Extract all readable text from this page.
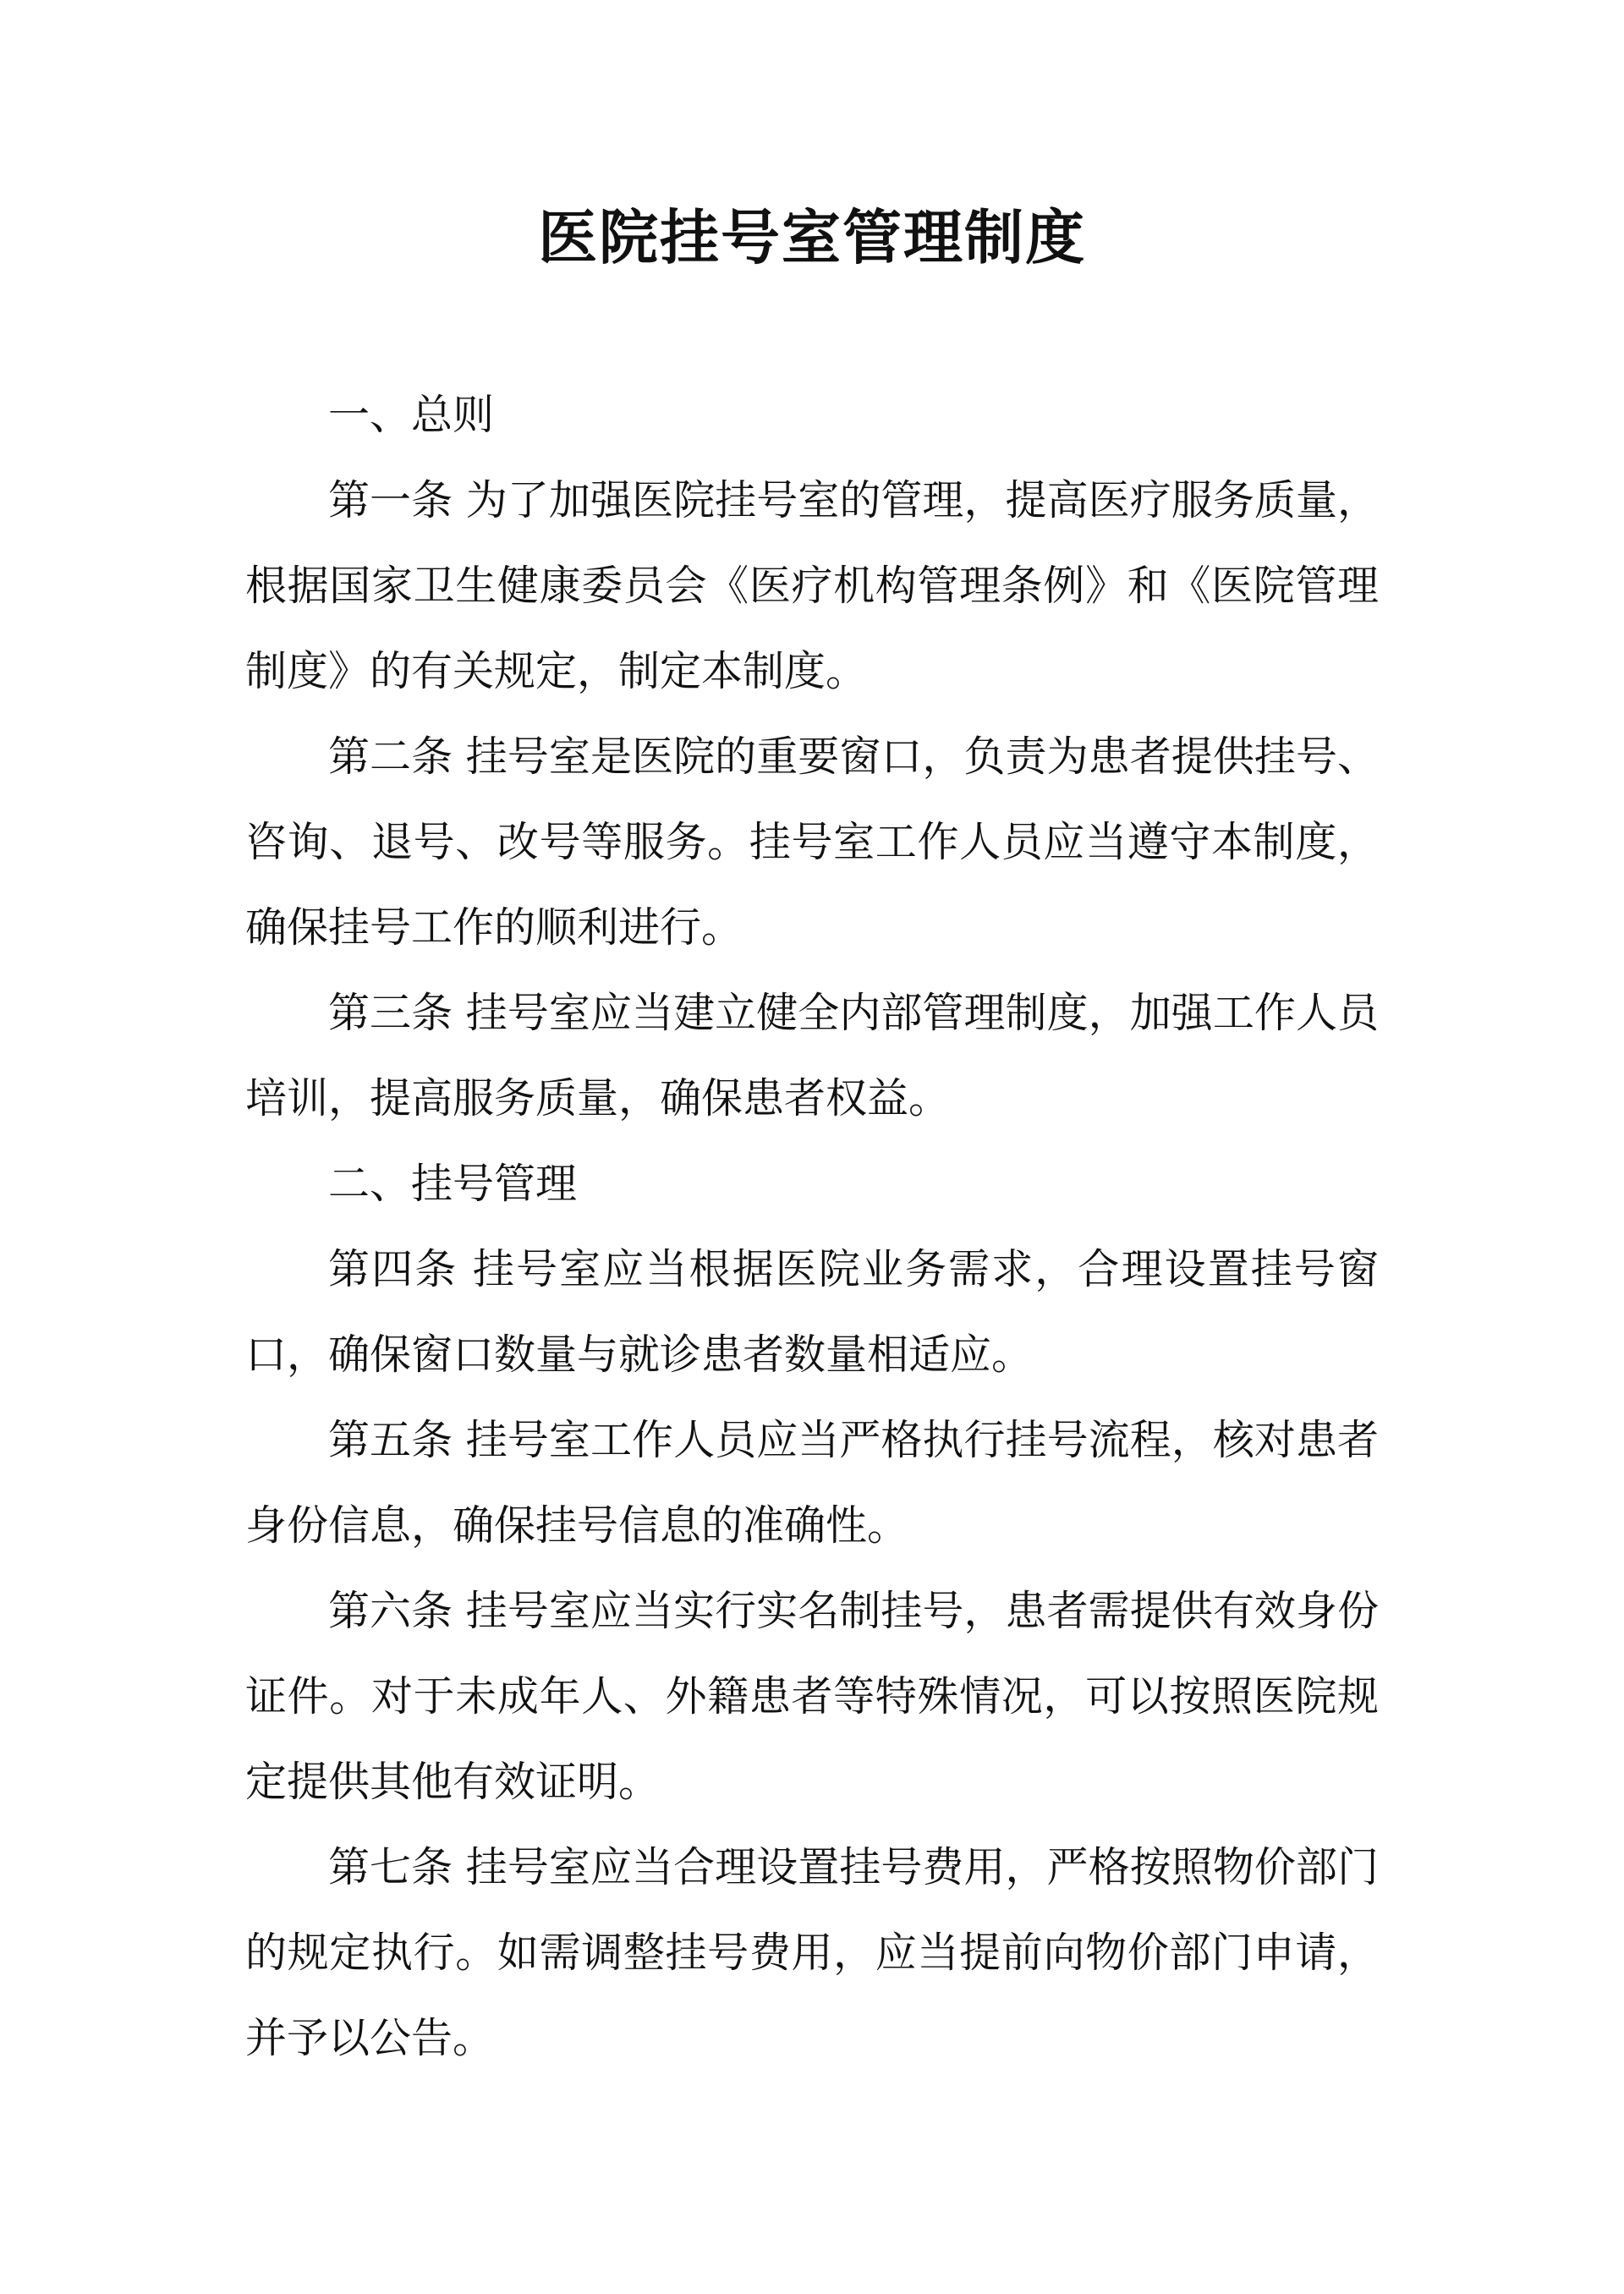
医院挂号室管理制度

一、总则

第一条 为了加强医院挂号室的管理，提高医疗服务质量，根据国家卫生健康委员会《医疗机构管理条例》和《医院管理制度》的有关规定，制定本制度。

第二条 挂号室是医院的重要窗口，负责为患者提供挂号、咨询、退号、改号等服务。挂号室工作人员应当遵守本制度，确保挂号工作的顺利进行。

第三条 挂号室应当建立健全内部管理制度，加强工作人员培训，提高服务质量，确保患者权益。

二、挂号管理

第四条 挂号室应当根据医院业务需求，合理设置挂号窗口，确保窗口数量与就诊患者数量相适应。

第五条 挂号室工作人员应当严格执行挂号流程，核对患者身份信息，确保挂号信息的准确性。

第六条 挂号室应当实行实名制挂号，患者需提供有效身份证件。对于未成年人、外籍患者等特殊情况，可以按照医院规定提供其他有效证明。

第七条 挂号室应当合理设置挂号费用，严格按照物价部门的规定执行。如需调整挂号费用，应当提前向物价部门申请，并予以公告。
